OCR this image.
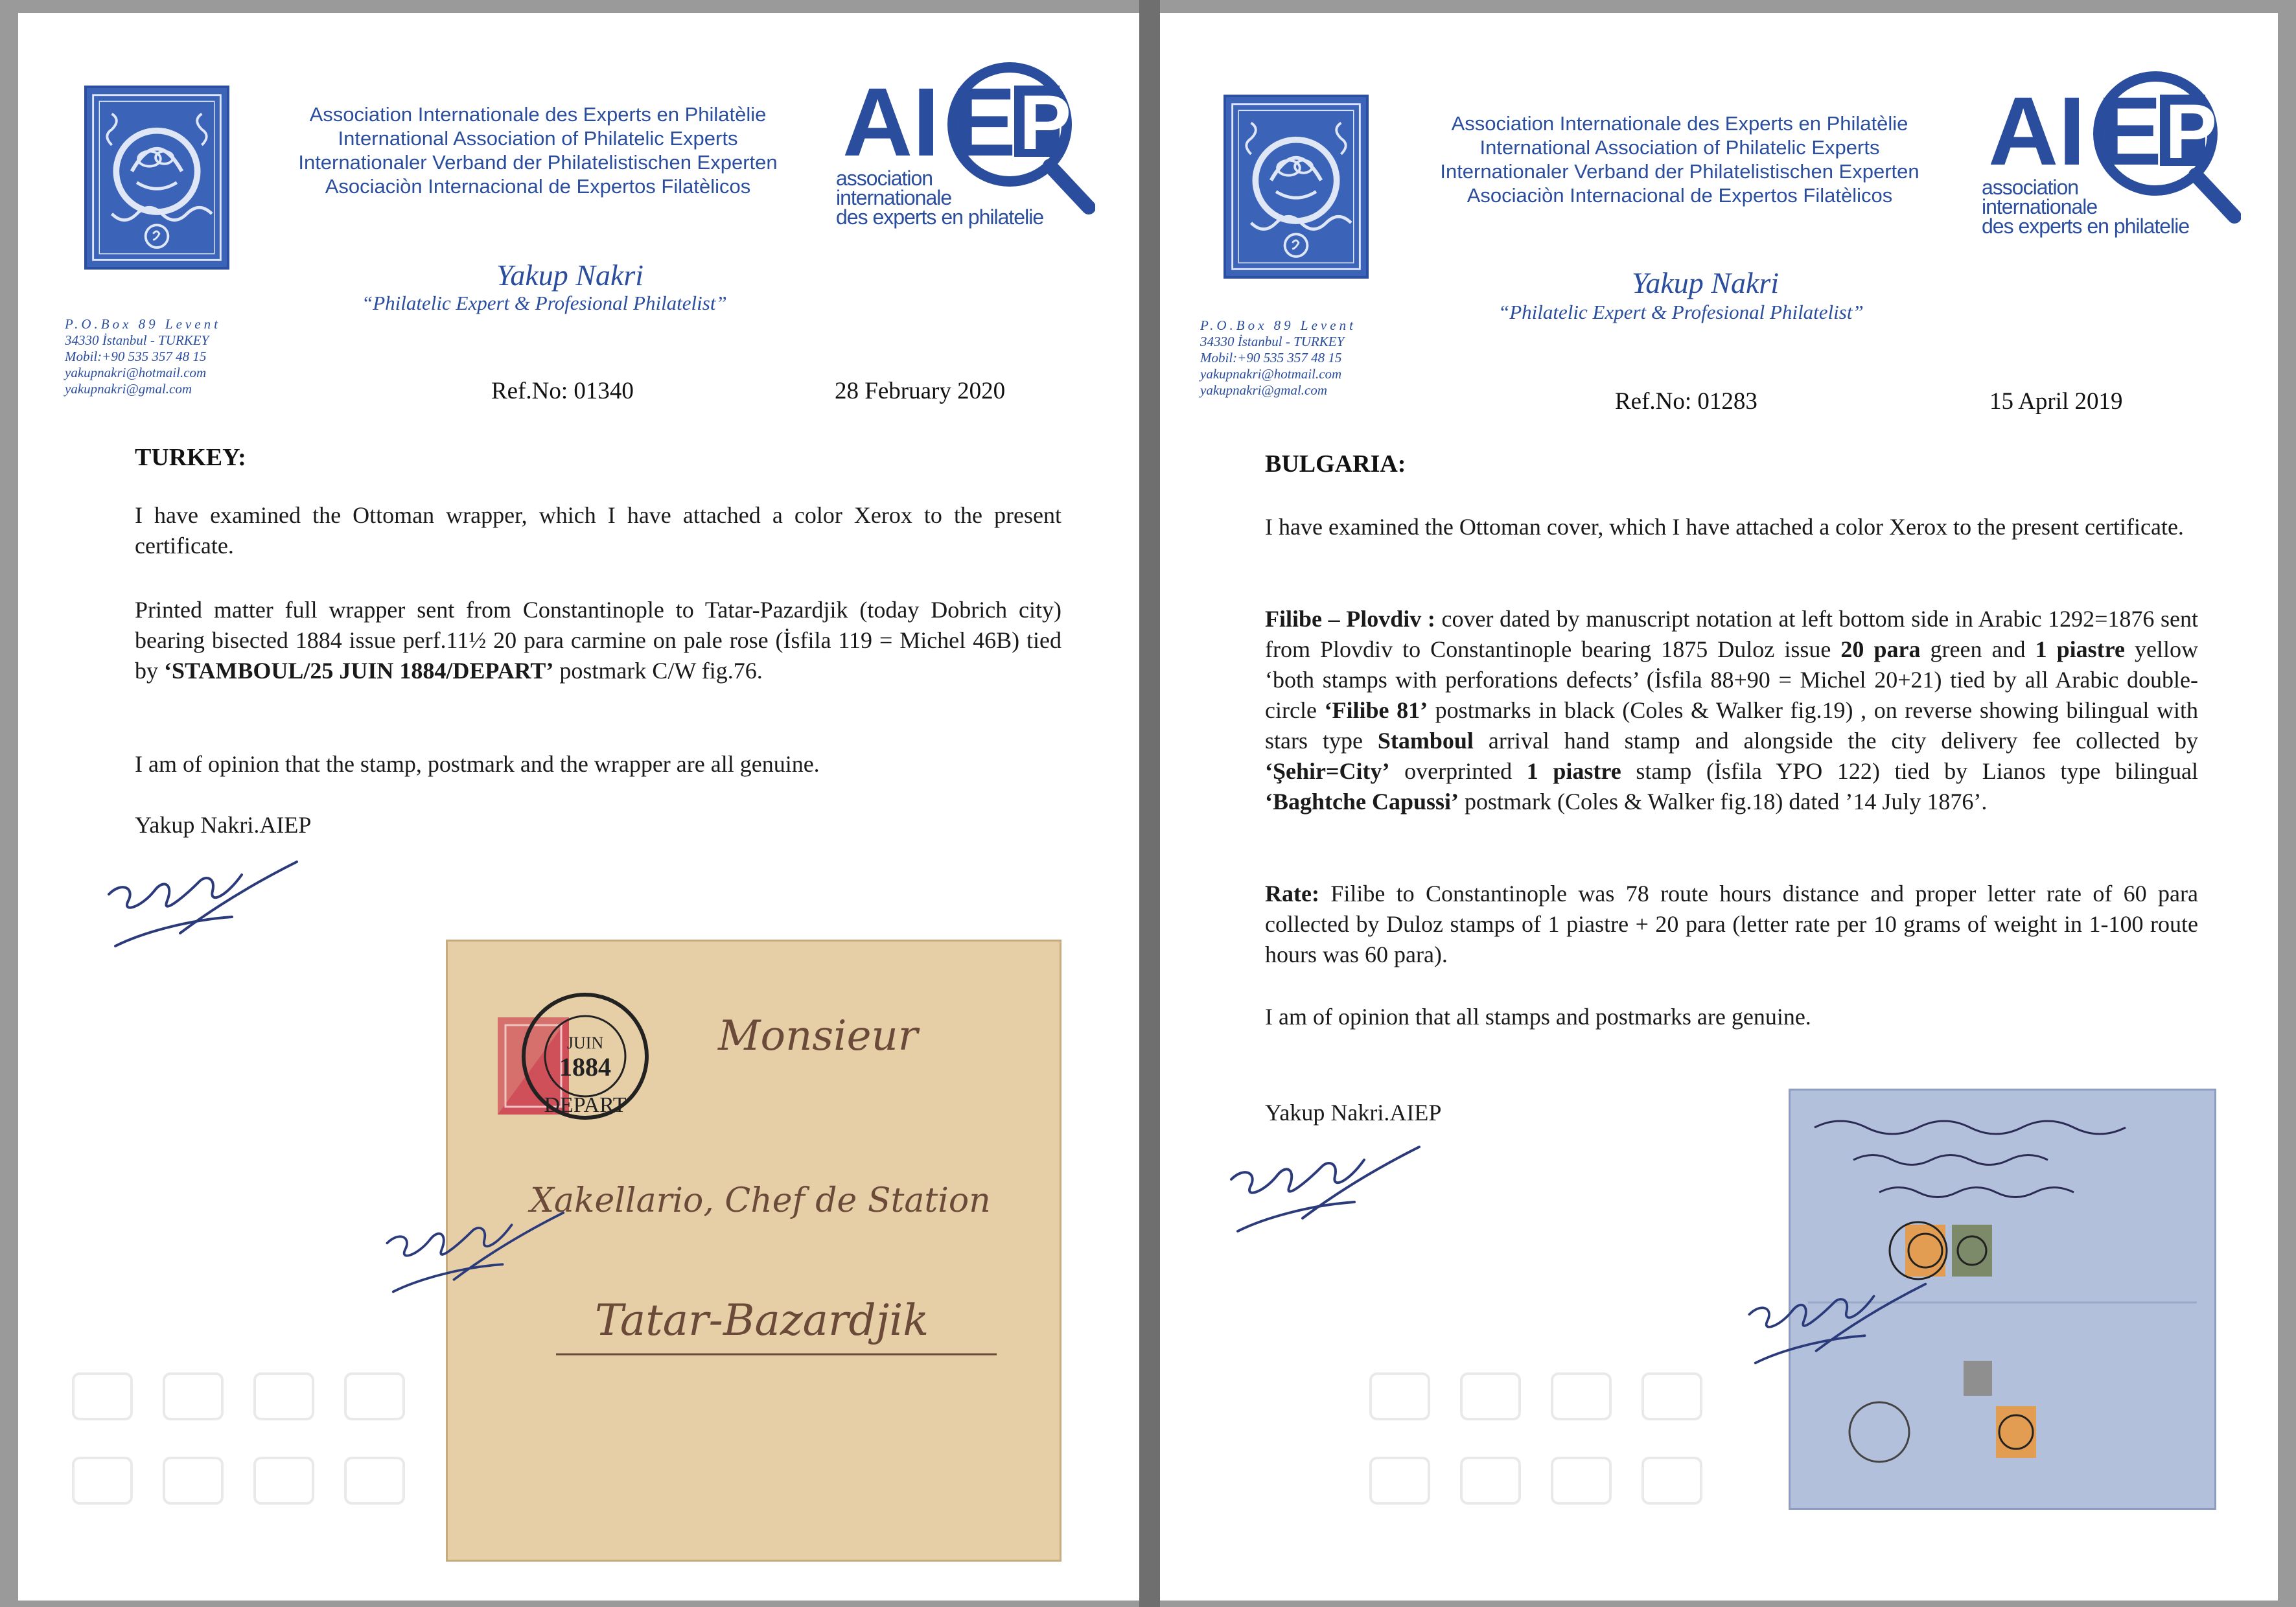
Association Internationale des Experts en Philatèlie
International Association of Philatelic Experts
Internationaler Verband der Philatelistischen Experten
Asociaciòn Internacional de Expertos Filatèlicos	association
internationale
des experts en philatelie
Yakup Nakri
“Philatelic Expert & Profesional Philatelist”
P.O.Box 89 Levent
34330 İstanbul - TURKEY
Mobil:+90 535 357 48 15
yakupnakri@hotmail.com
yakupnakri@gmal.com	Ref.No: 01340	28 February 2020
TURKEY:
I have examined the Ottoman wrapper, which I have attached a color Xerox to the present certificate.
Printed matter full wrapper sent from Constantinople to Tatar-Pazardjik (today Dobrich city) bearing bisected 1884 issue perf.11½ 20 para carmine on pale rose (İsfila 119 = Michel 46B) tied by ‘STAMBOUL/25 JUIN 1884/DEPART’ postmark C/W fig.76.
I am of opinion that the stamp, postmark and the wrapper are all genuine.
Yakup Nakri.AIEP
JUIN
1884
DEPART
Monsieur
Xakellario, Chef de Station
Tatar-Bazardjik
Association Internationale des Experts en Philatèlie
International Association of Philatelic Experts
Internationaler Verband der Philatelistischen Experten
Asociaciòn Internacional de Expertos Filatèlicos	association
internationale
des experts en philatelie
Yakup Nakri
“Philatelic Expert & Profesional Philatelist”
P.O.Box 89 Levent
34330 İstanbul - TURKEY
Mobil:+90 535 357 48 15
yakupnakri@hotmail.com
yakupnakri@gmal.com	Ref.No: 01283	15 April 2019
BULGARIA:
I have examined the Ottoman cover, which I have attached a color Xerox to the present certificate.
Filibe – Plovdiv : cover dated by manuscript notation at left bottom side in Arabic 1292=1876 sent from Plovdiv to Constantinople bearing 1875 Duloz issue 20 para green and 1 piastre yellow ‘both stamps with perforations defects’ (İsfila 88+90 = Michel 20+21) tied by all Arabic double-circle ‘Filibe 81’ postmarks in black (Coles & Walker fig.19) , on reverse showing bilingual with stars type Stamboul arrival hand stamp and alongside the city delivery fee collected by ‘Şehir=City’ overprinted 1 piastre stamp (İsfila YPO 122) tied by Lianos type bilingual ‘Baghtche Capussi’ postmark (Coles & Walker fig.18) dated ’14 July 1876’.
Rate: Filibe to Constantinople was 78 route hours distance and proper letter rate of 60 para collected by Duloz stamps of 1 piastre + 20 para (letter rate per 10 grams of weight in 1-100 route hours was 60 para).
I am of opinion that all stamps and postmarks are genuine.
Yakup Nakri.AIEP
